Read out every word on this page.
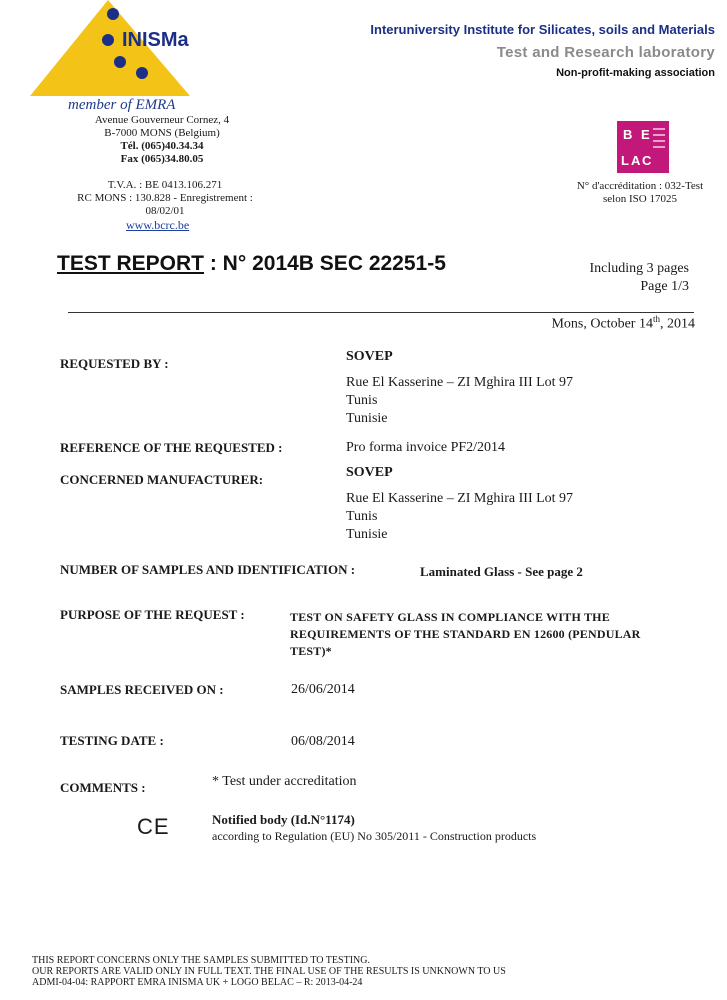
INISMa
member of EMRA
Avenue Gouverneur Cornez, 4
B-7000 MONS (Belgium)
Tél. (065)40.34.34
Fax (065)34.80.05
T.V.A. : BE 0413.106.271
RC MONS : 130.828 - Enregistrement : 08/02/01
www.bcrc.be
Interuniversity Institute for Silicates, soils and Materials
Test and Research laboratory
Non-profit-making association
B E
L A C
N° d'accréditation : 032-Test
selon ISO 17025
TEST REPORT : N° 2014B SEC 22251-5	Including 3 pages
Page 1/3
Mons, October 14th, 2014
REQUESTED BY :	SOVEP
Rue El Kasserine – ZI Mghira III Lot 97
Tunis
Tunisie
REFERENCE OF THE REQUESTED :	Pro forma invoice PF2/2014
CONCERNED MANUFACTURER:	SOVEP
Rue El Kasserine – ZI Mghira III Lot 97
Tunis
Tunisie
NUMBER OF SAMPLES AND IDENTIFICATION :	Laminated Glass - See page 2
PURPOSE OF THE REQUEST :	TEST ON SAFETY GLASS IN COMPLIANCE WITH THE
REQUIREMENTS OF THE STANDARD EN 12600 (PENDULAR
TEST)*
SAMPLES RECEIVED ON :	26/06/2014
TESTING DATE :	06/08/2014
COMMENTS :	* Test under accreditation
CE	Notified body (Id.N°1174)
according to Regulation (EU) No 305/2011 - Construction products
THIS REPORT CONCERNS ONLY THE SAMPLES SUBMITTED TO TESTING.
OUR REPORTS ARE VALID ONLY IN FULL TEXT. THE FINAL USE OF THE RESULTS IS UNKNOWN TO US
ADMI-04-04: RAPPORT EMRA INISMA UK + LOGO BELAC – R: 2013-04-24
